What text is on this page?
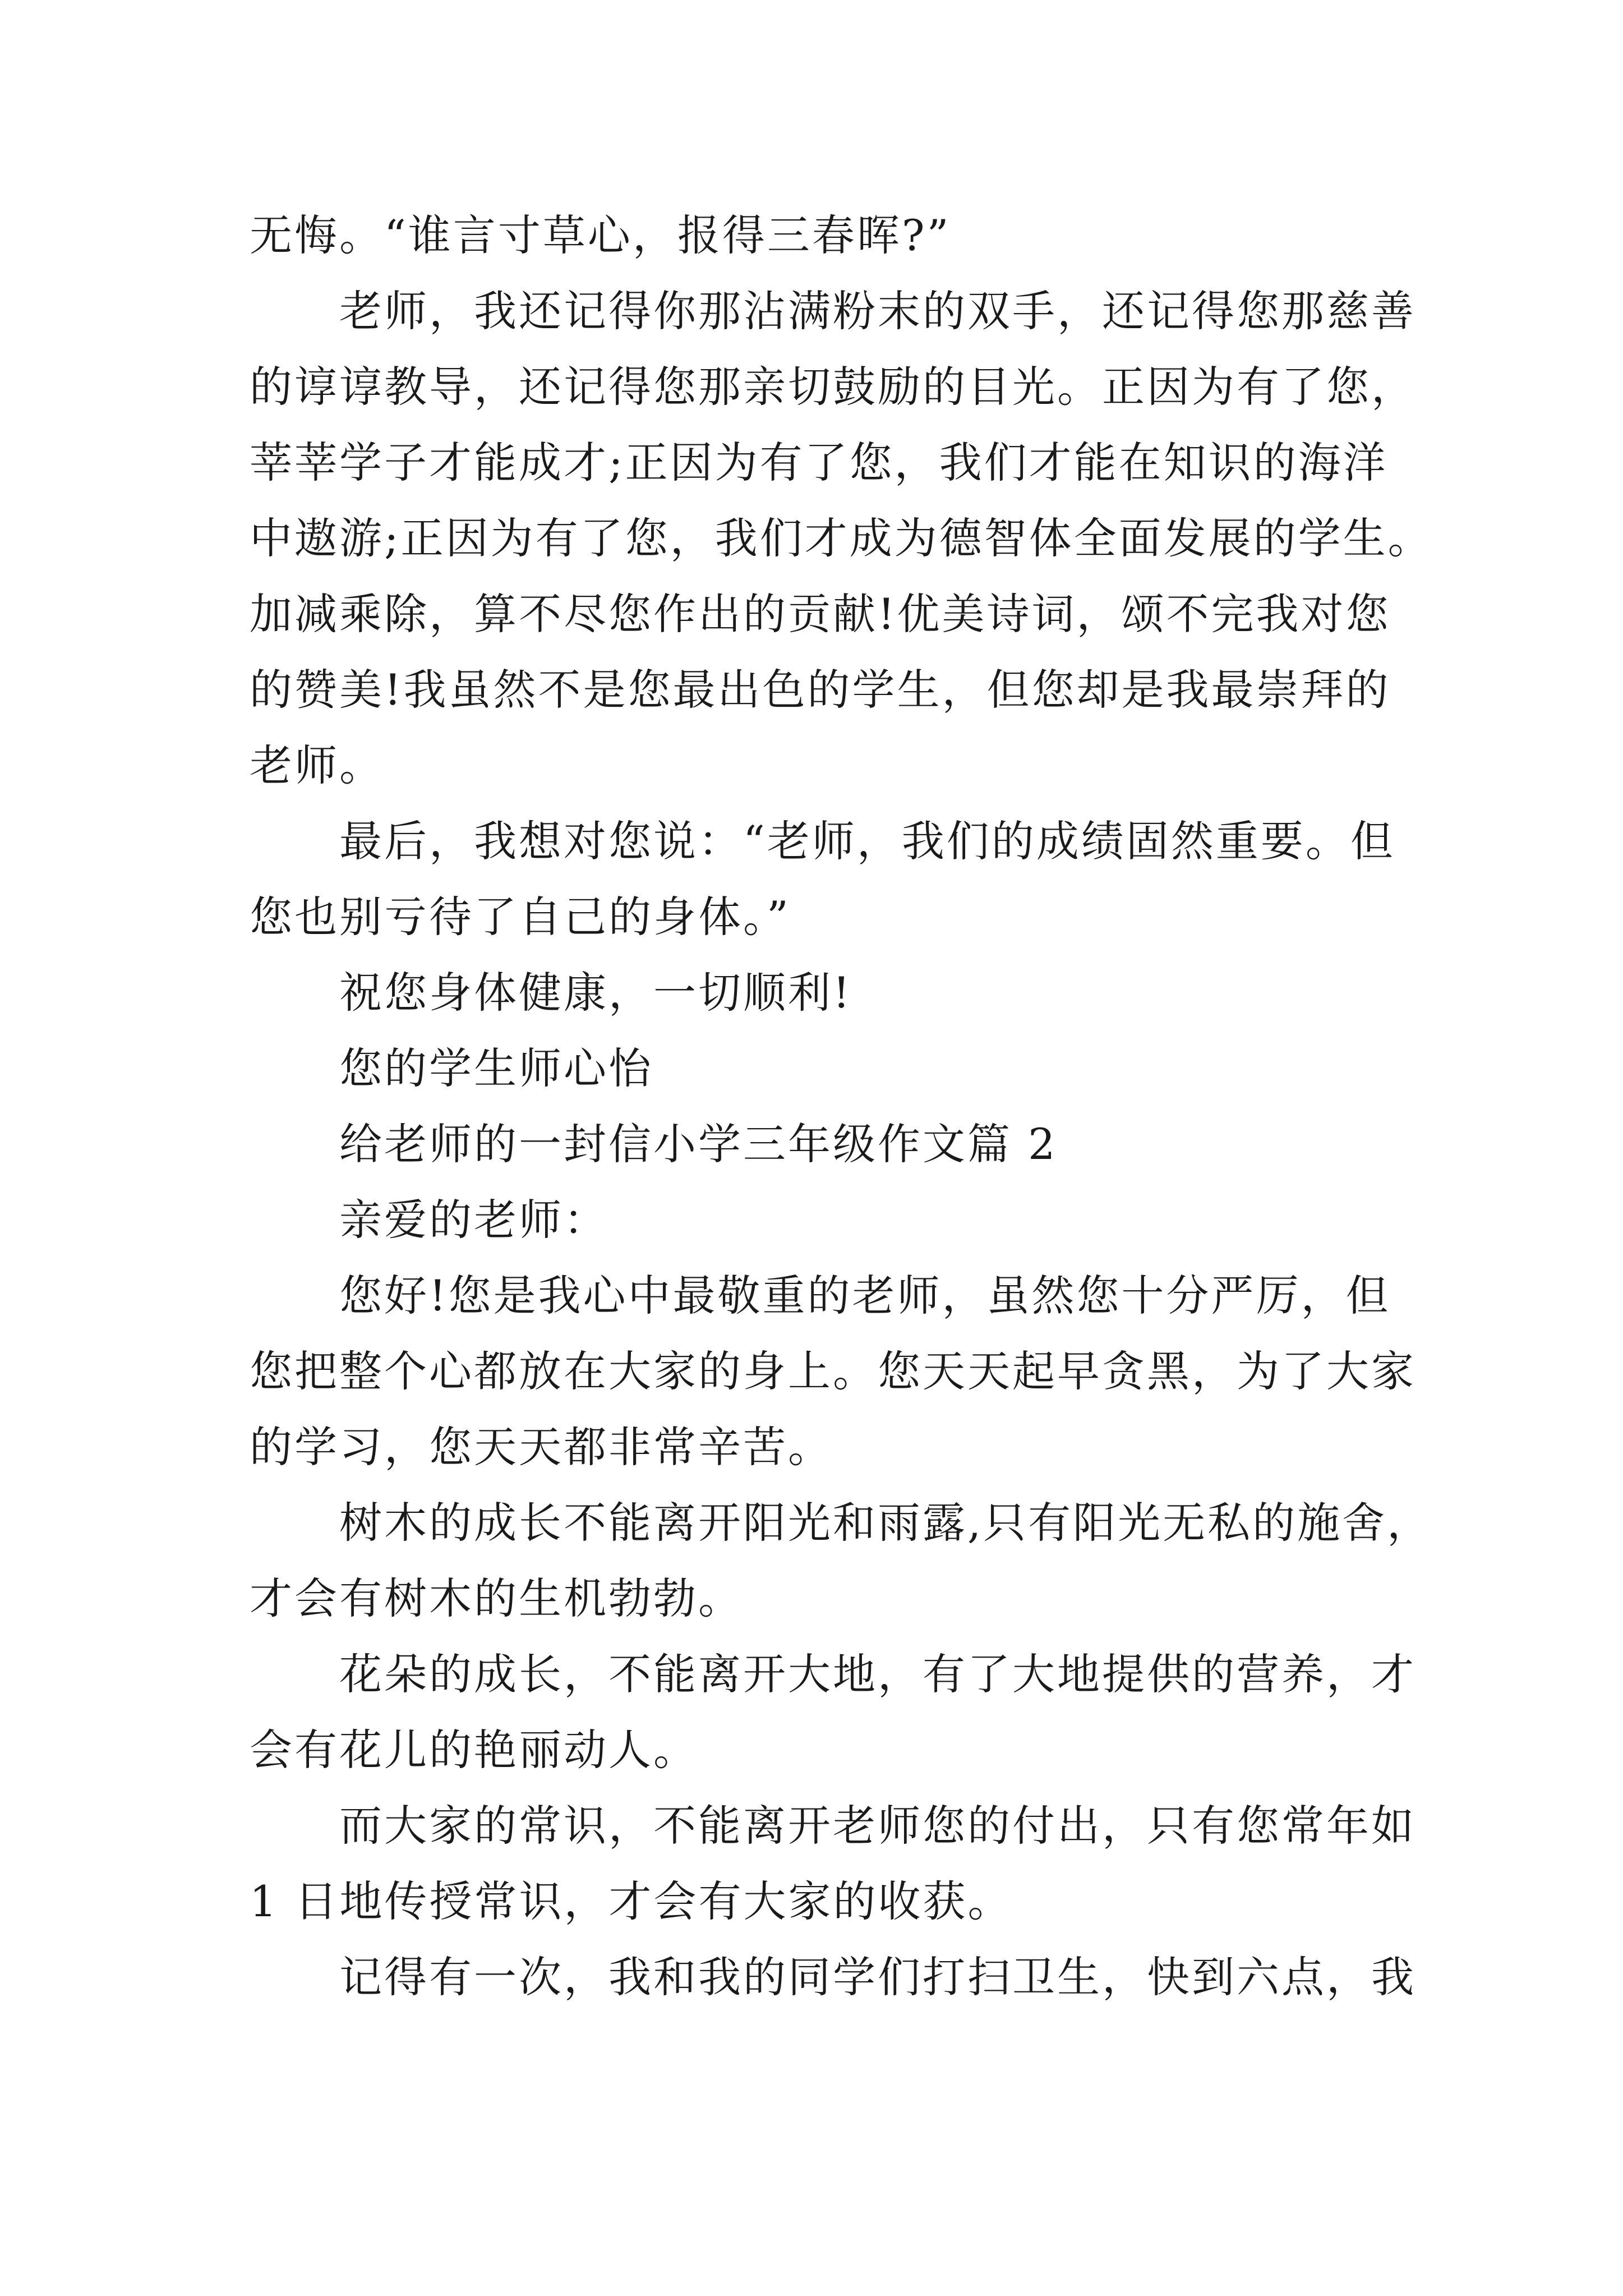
无悔。“谁言寸草心，报得三春晖?”
老师，我还记得你那沾满粉末的双手，还记得您那慈善
的谆谆教导，还记得您那亲切鼓励的目光。正因为有了您，
莘莘学子才能成才;正因为有了您，我们才能在知识的海洋
中遨游;正因为有了您，我们才成为德智体全面发展的学生。
加减乘除，算不尽您作出的贡献!优美诗词，颂不完我对您
的赞美!我虽然不是您最出色的学生，但您却是我最崇拜的
老师。
最后，我想对您说：“老师，我们的成绩固然重要。但
您也别亏待了自己的身体。”
祝您身体健康，一切顺利!
您的学生师心怡
给老师的一封信小学三年级作文篇 2
亲爱的老师：
您好!您是我心中最敬重的老师，虽然您十分严厉，但
您把整个心都放在大家的身上。您天天起早贪黑，为了大家
的学习，您天天都非常辛苦。
树木的成长不能离开阳光和雨露,只有阳光无私的施舍，
才会有树木的生机勃勃。
花朵的成长，不能离开大地，有了大地提供的营养，才
会有花儿的艳丽动人。
而大家的常识，不能离开老师您的付出，只有您常年如
1 日地传授常识，才会有大家的收获。
记得有一次，我和我的同学们打扫卫生，快到六点，我
